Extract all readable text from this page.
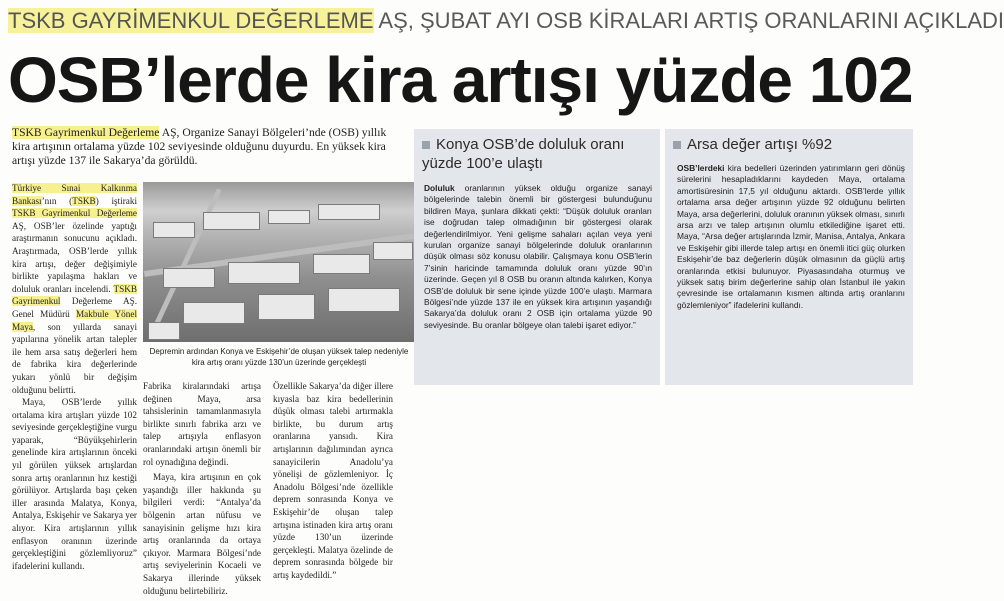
TSKB GAYRİMENKUL DEĞERLEME AŞ, ŞUBAT AYI OSB KİRALARI ARTIŞ ORANLARINI AÇIKLADI
OSB’lerde kira artışı yüzde 102
TSKB Gayrimenkul Değerleme AŞ, Organize Sanayi Bölgeleri’nde (OSB) yıllık kira artışının ortalama yüzde 102 seviyesinde olduğunu duyurdu. En yüksek kira artışı yüzde 137 ile Sakarya’da görüldü.
Türkiye Sınai Kalkınma Bankası’nın (TSKB) iştiraki TSKB Gayrimenkul Değerleme AŞ, OSB’ler özelinde yaptığı araştırmanın sonucunu açıkladı. Araştırmada, OSB’lerde yıllık kira artışı, değer değişimiyle birlikte yapılaşma hakları ve doluluk oranları incelendi. TSKB Gayrimenkul Değerleme AŞ. Genel Müdürü Makbule Yönel Maya, son yıllarda sanayi yapılarına yönelik artan talepler ile hem arsa satış değerleri hem de fabrika kira değerlerinde yukarı yönlü bir değişim olduğunu belirtti.
Maya, OSB’lerde yıllık ortalama kira artışları yüzde 102 seviyesinde gerçekleştiğine vurgu yaparak, “Büyükşehirlerin genelinde kira artışlarının önceki yıl görülen yüksek artışlardan sonra artış oranlarının hız kestiği görülüyor. Artışlarda başı çeken iller arasında Malatya, Konya, Antalya, Eskişehir ve Sakarya yer alıyor. Kira artışlarının yıllık enflasyon oranının üzerinde gerçekleştiğini gözlemliyoruz” ifadelerini kullandı.
Depremin ardından Konya ve Eskişehir’de oluşan yüksek talep nedeniyle kira artış oranı yüzde 130’un üzerinde gerçekleşti
Fabrika kiralarındaki artışa değinen Maya, arsa tahsislerinin tamamlanmasıyla birlikte sınırlı fabrika arzı ve talep artışıyla enflasyon oranlarındaki artışın önemli bir rol oynadığına değindi.
Maya, kira artışının en çok yaşandığı iller hakkında şu bilgileri verdi: “Antalya’da bölgenin artan nüfusu ve sanayisinin gelişme hızı kira artış oranlarında da ortaya çıkıyor. Marmara Bölgesi’nde artış seviyelerinin Kocaeli ve Sakarya illerinde yüksek olduğunu belirtebiliriz.
Özellikle Sakarya’da diğer illere kıyasla baz kira bedellerinin düşük olması talebi artırmakla birlikte, bu durum artış oranlarına yansıdı. Kira artışlarının dağılımından ayrıca sanayicilerin Anadolu’ya yönelişi de gözlemleniyor. İç Anadolu Bölgesi’nde özellikle deprem sonrasında Konya ve Eskişehir’de oluşan talep artışına istinaden kira artış oranı yüzde 130’un üzerinde gerçekleşti. Malatya özelinde de deprem sonrasında bölgede bir artış kaydedildi.”
Konya OSB’de doluluk oranı yüzde 100’e ulaştı
Doluluk oranlarının yüksek olduğu organize sanayi bölgelerinde talebin önemli bir göstergesi bulunduğunu bildiren Maya, şunlara dikkati çekti: “Düşük doluluk oranları ise doğrudan talep olmadığının bir göstergesi olarak değerlendirilmiyor. Yeni gelişme sahaları açılan veya yeni kurulan organize sanayi bölgelerinde doluluk oranlarının düşük olması söz konusu olabilir. Çalışmaya konu OSB’lerin 7’sinin haricinde tamamında doluluk oranı yüzde 90’ın üzerinde. Geçen yıl 8 OSB bu oranın altında kalırken, Konya OSB’de doluluk bir sene içinde yüzde 100’e ulaştı. Marmara Bölgesi’nde yüzde 137 ile en yüksek kira artışının yaşandığı Sakarya’da doluluk oranı 2 OSB için ortalama yüzde 90 seviyesinde. Bu oranlar bölgeye olan talebi işaret ediyor.”
Arsa değer artışı %92
OSB’lerdeki kira bedelleri üzerinden yatırımların geri dönüş sürelerini hesapladıklarını kaydeden Maya, ortalama amortisüresinin 17,5 yıl olduğunu aktardı. OSB’lerde yıllık ortalama arsa değer artışının yüzde 92 olduğunu belirten Maya, arsa değerlerini, doluluk oranının yüksek olması, sınırlı arsa arzı ve talep artışının olumlu etkilediğine işaret etti. Maya, “Arsa değer artışlarında İzmir, Manisa, Antalya, Ankara ve Eskişehir gibi illerde talep artışı en önemli itici güç olurken Eskişehir’de baz değerlerin düşük olmasının da güçlü artış oranlarında etkisi bulunuyor. Piyasasındaha oturmuş ve yüksek satış birim değerlerine sahip olan İstanbul ile yakın çevresinde ise ortalamanın kısmen altında artış oranlarını gözlemleniyor” ifadelerini kullandı.
